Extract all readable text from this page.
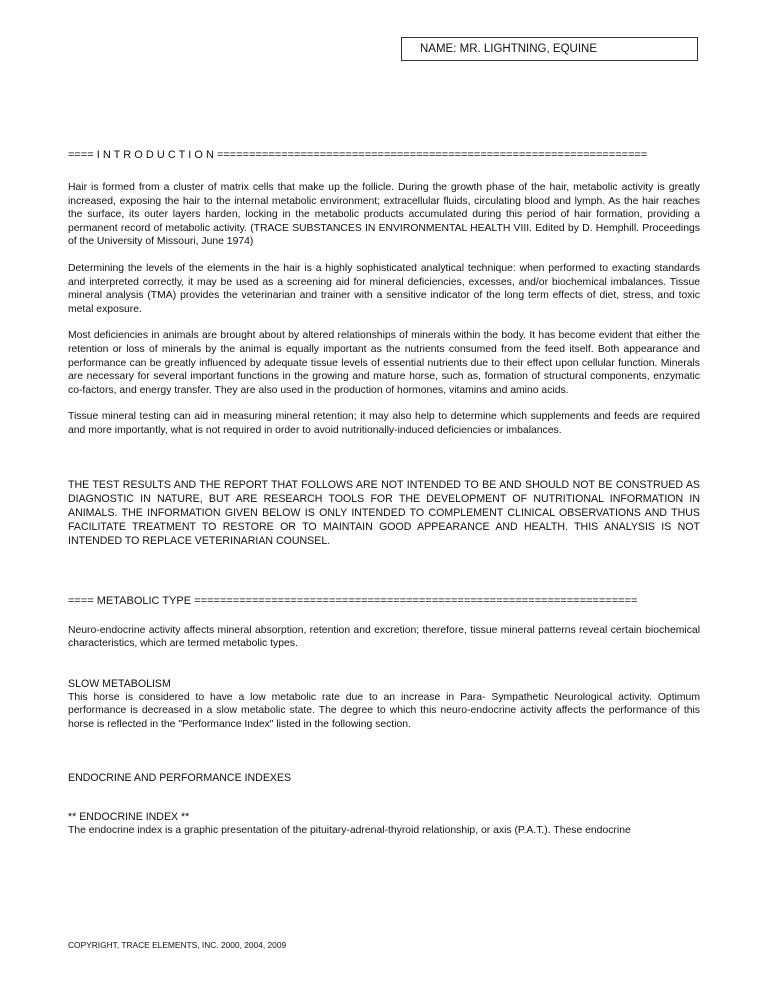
NAME: MR. LIGHTNING, EQUINE

==== I N T R O D U C T I O N ===================================================================

Hair is formed from a cluster of matrix cells that make up the follicle. During the growth phase of the hair, metabolic activity is greatly increased, exposing the hair to the internal metabolic environment; extracellular fluids, circulating blood and lymph. As the hair reaches the surface, its outer layers harden, locking in the metabolic products accumulated during this period of hair formation, providing a permanent record of metabolic activity. (TRACE SUBSTANCES IN ENVIRONMENTAL HEALTH VIII. Edited by D. Hemphill. Proceedings of the University of Missouri, June 1974)

Determining the levels of the elements in the hair is a highly sophisticated analytical technique: when performed to exacting standards and interpreted correctly, it may be used as a screening aid for mineral deficiencies, excesses, and/or biochemical imbalances. Tissue mineral analysis (TMA) provides the veterinarian and trainer with a sensitive indicator of the long term effects of diet, stress, and toxic metal exposure.

Most deficiencies in animals are brought about by altered relationships of minerals within the body. It has become evident that either the retention or loss of minerals by the animal is equally important as the nutrients consumed from the feed itself. Both appearance and performance can be greatly influenced by adequate tissue levels of essential nutrients due to their effect upon cellular function. Minerals are necessary for several important functions in the growing and mature horse, such as, formation of structural components, enzymatic co-factors, and energy transfer. They are also used in the production of hormones, vitamins and amino acids.

Tissue mineral testing can aid in measuring mineral retention; it may also help to determine which supplements and feeds are required and more importantly, what is not required in order to avoid nutritionally-induced deficiencies or imbalances.

THE TEST RESULTS AND THE REPORT THAT FOLLOWS ARE NOT INTENDED TO BE AND SHOULD NOT BE CONSTRUED AS DIAGNOSTIC IN NATURE, BUT ARE RESEARCH TOOLS FOR THE DEVELOPMENT OF NUTRITIONAL INFORMATION IN ANIMALS. THE INFORMATION GIVEN BELOW IS ONLY INTENDED TO COMPLEMENT CLINICAL OBSERVATIONS AND THUS FACILITATE TREATMENT TO RESTORE OR TO MAINTAIN GOOD APPEARANCE AND HEALTH. THIS ANALYSIS IS NOT INTENDED TO REPLACE VETERINARIAN COUNSEL.

==== METABOLIC TYPE =====================================================================

Neuro-endocrine activity affects mineral absorption, retention and excretion; therefore, tissue mineral patterns reveal certain biochemical characteristics, which are termed metabolic types.

SLOW METABOLISM

This horse is considered to have a low metabolic rate due to an increase in Para- Sympathetic Neurological activity. Optimum performance is decreased in a slow metabolic state. The degree to which this neuro-endocrine activity affects the performance of this horse is reflected in the "Performance Index" listed in the following section.

ENDOCRINE AND PERFORMANCE INDEXES

** ENDOCRINE INDEX **

The endocrine index is a graphic presentation of the pituitary-adrenal-thyroid relationship, or axis (P.A.T.). These endocrine

COPYRIGHT, TRACE ELEMENTS, INC. 2000, 2004, 2009
